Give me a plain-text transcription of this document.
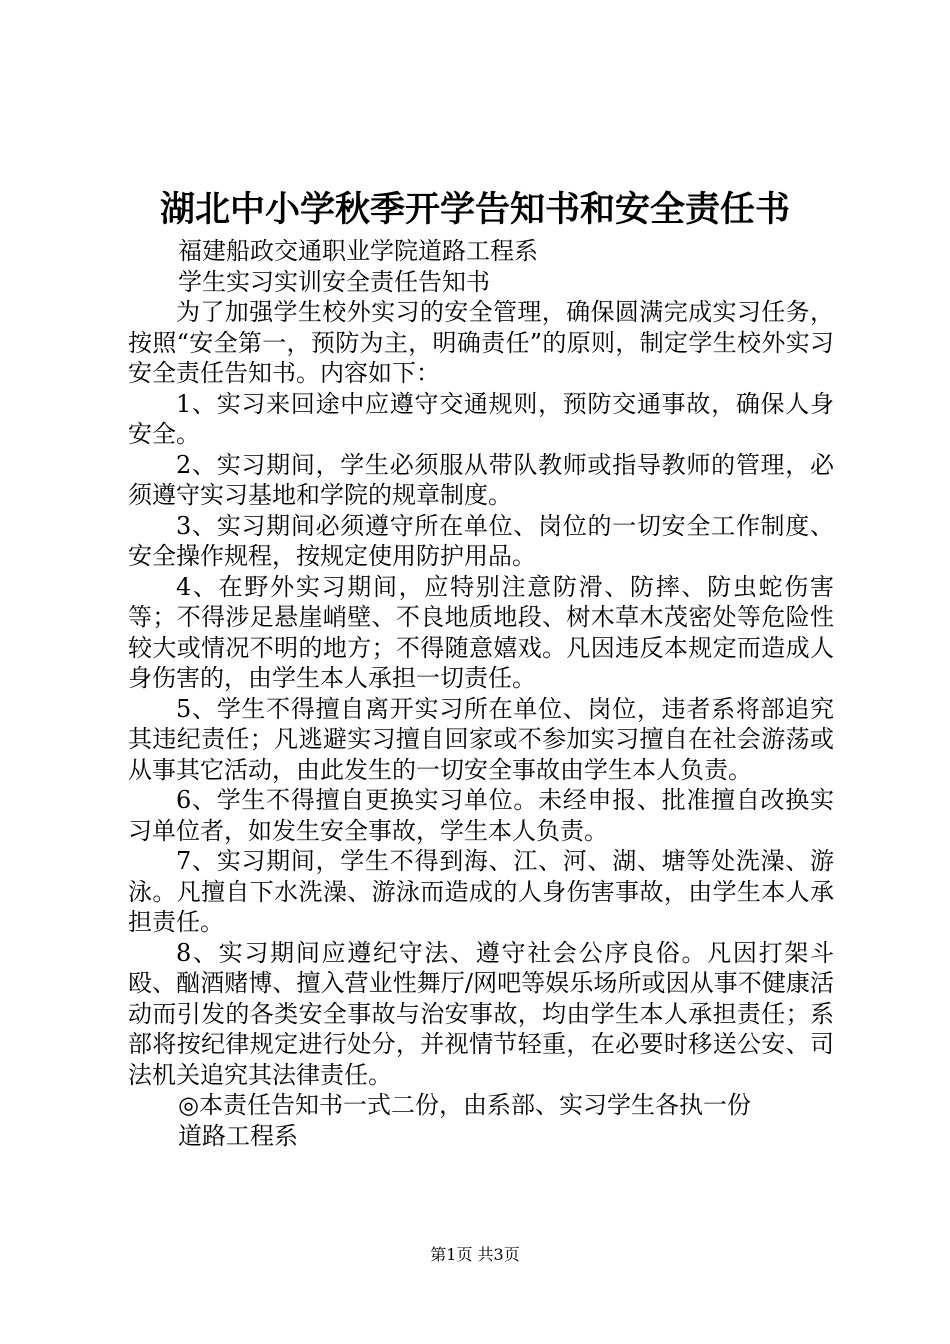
湖北中小学秋季开学告知书和安全责任书

福建船政交通职业学院道路工程系

学生实习实训安全责任告知书

为了加强学生校外实习的安全管理，确保圆满完成实习任务，按照“安全第一，预防为主，明确责任”的原则，制定学生校外实习安全责任告知书。内容如下：

1、实习来回途中应遵守交通规则，预防交通事故，确保人身安全。

2、实习期间，学生必须服从带队教师或指导教师的管理，必须遵守实习基地和学院的规章制度。

3、实习期间必须遵守所在单位、岗位的一切安全工作制度、安全操作规程，按规定使用防护用品。

4、在野外实习期间，应特别注意防滑、防摔、防虫蛇伤害等；不得涉足悬崖峭壁、不良地质地段、树木草木茂密处等危险性较大或情况不明的地方；不得随意嬉戏。凡因违反本规定而造成人身伤害的，由学生本人承担一切责任。

5、学生不得擅自离开实习所在单位、岗位，违者系将部追究其违纪责任；凡逃避实习擅自回家或不参加实习擅自在社会游荡或从事其它活动，由此发生的一切安全事故由学生本人负责。

6、学生不得擅自更换实习单位。未经申报、批准擅自改换实习单位者，如发生安全事故，学生本人负责。

7、实习期间，学生不得到海、江、河、湖、塘等处洗澡、游泳。凡擅自下水洗澡、游泳而造成的人身伤害事故，由学生本人承担责任。

8、实习期间应遵纪守法、遵守社会公序良俗。凡因打架斗殴、酗酒赌博、擅入营业性舞厅/网吧等娱乐场所或因从事不健康活动而引发的各类安全事故与治安事故，均由学生本人承担责任；系部将按纪律规定进行处分，并视情节轻重，在必要时移送公安、司法机关追究其法律责任。

◎本责任告知书一式二份，由系部、实习学生各执一份

道路工程系

第1页 共3页
